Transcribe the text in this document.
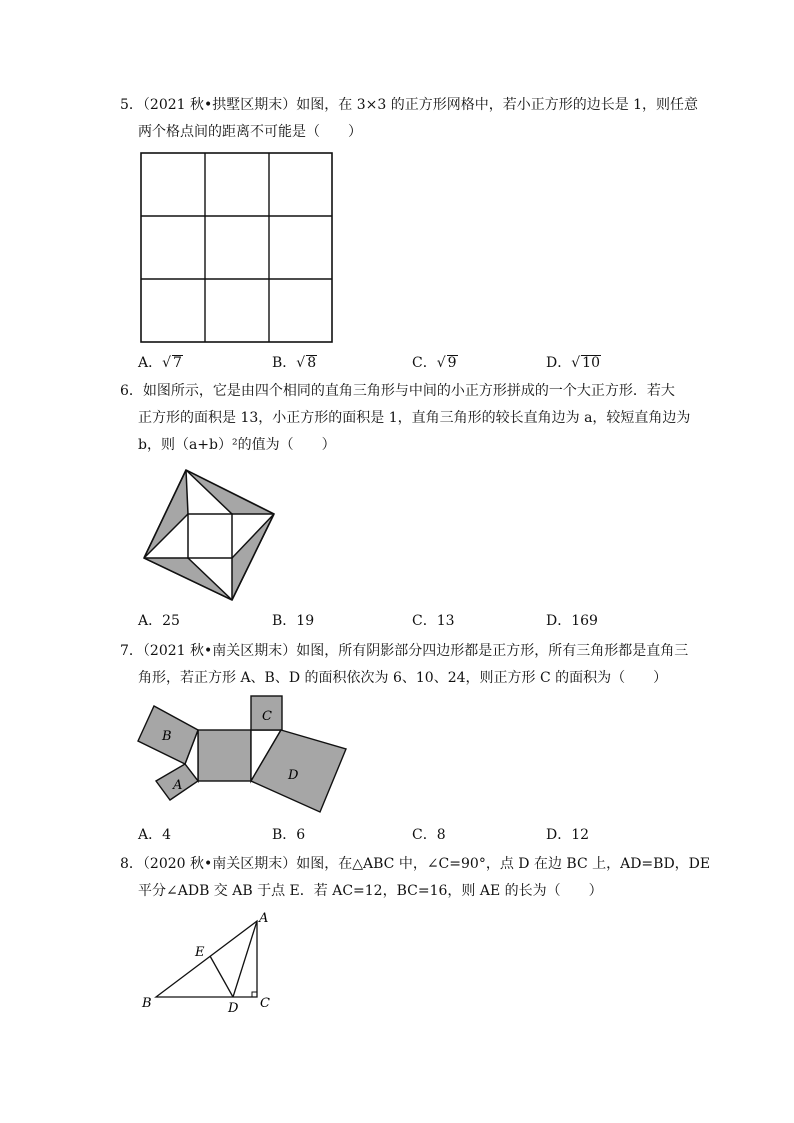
5．（2021 秋•拱墅区期末）如图，在 3×3 的正方形网格中，若小正方形的边长是 1，则任意
两个格点间的距离不可能是（　　）
A．√ 7	B．√ 8	C．√ 9	D．√ 10
6．如图所示，它是由四个相同的直角三角形与中间的小正方形拼成的一个大正方形．若大
正方形的面积是 13，小正方形的面积是 1，直角三角形的较长直角边为 a，较短直角边为
b，则（a+b）²的值为（　　）
A．25	B．19	C．13	D．169
7．（2021 秋•南关区期末）如图，所有阴影部分四边形都是正方形，所有三角形都是直角三
角形，若正方形 A、B、D 的面积依次为 6、10、24，则正方形 C 的面积为（　　）
B
C
A
D
A．4	B．6	C．8	D．12
8．（2020 秋•南关区期末）如图，在△ABC 中，∠C=90°，点 D 在边 BC 上，AD=BD，DE
平分∠ADB 交 AB 于点 E．若 AC=12，BC=16，则 AE 的长为（　　）
A
E
B	D C
